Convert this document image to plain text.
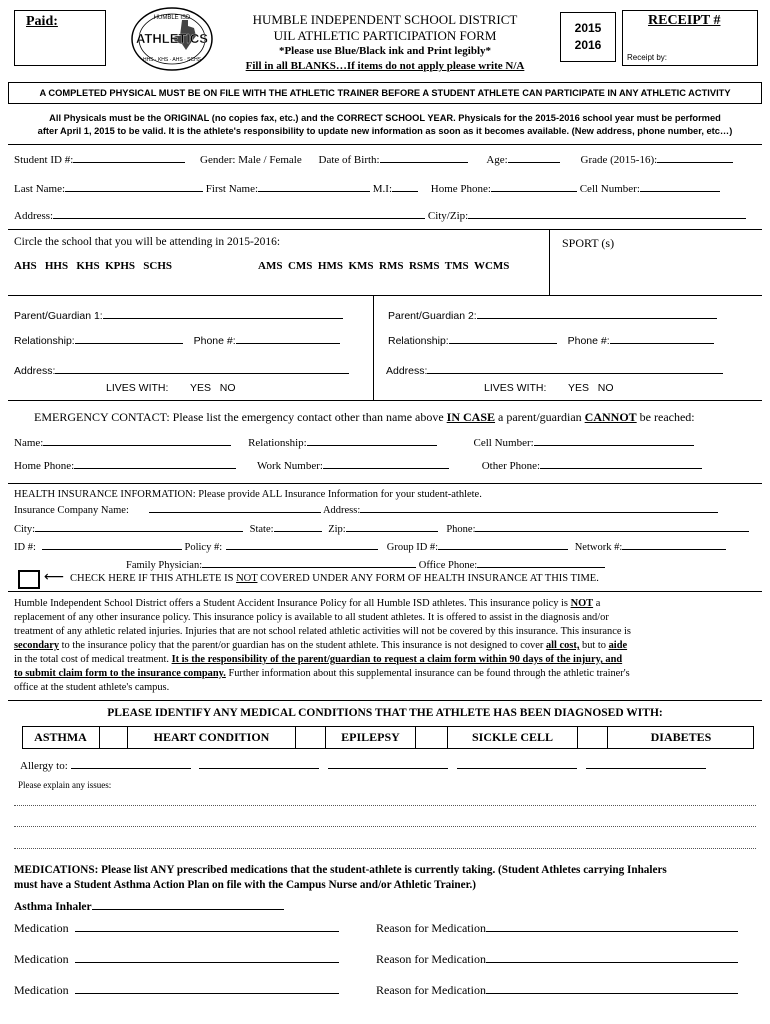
Paid:	HUMBLE ISD
ATHLETICS
HHS · KHS · AHS · SCHS
HUMBLE INDEPENDENT SCHOOL DISTRICT
UIL ATHLETIC PARTICIPATION FORM
*Please use Blue/Black ink and Print legibly*
Fill in all BLANKS…If items do not apply please write N/A
2015
2016
RECEIPT #
Receipt by:
A COMPLETED PHYSICAL MUST BE ON FILE WITH THE ATHLETIC TRAINER BEFORE A STUDENT ATHLETE CAN PARTICIPATE IN ANY ATHLETIC ACTIVITY
All Physicals must be the ORIGINAL (no copies fax, etc.) and the CORRECT SCHOOL YEAR. Physicals for the 2015-2016 school year must be performed
after April 1, 2015 to be valid. It is the athlete's responsibility to update new information as soon as it becomes available. (New address, phone number, etc…)
Student ID #:	Gender: Male / Female Date of Birth:	Age:	Grade (2015-16):
Last Name:	First Name:	M.I:	Home Phone:	Cell Number:
Address:	City/Zip:
Circle the school that you will be attending in 2015-2016:
AHS   HHS   KHS  KPHS   SCHS	AMS  CMS  HMS  KMS  RMS  RSMS  TMS  WCMS
SPORT (s)
Parent/Guardian 1:
Relationship:	Phone #:
Address:
LIVES WITH: YES   NO
Parent/Guardian 2:
Relationship:	Phone #:
Address:
LIVES WITH: YES   NO
EMERGENCY CONTACT: Please list the emergency contact other than name above IN CASE a parent/guardian CANNOT be reached:
Name:	Relationship:	Cell Number:
Home Phone:	Work Number:	Other Phone:
HEALTH INSURANCE INFORMATION: Please provide ALL Insurance Information for your student-athlete.
Insurance Company Name:	Address:
City:	State:	Zip:	Phone:
ID #:	Policy #:	Group ID #:	Network #:
Family Physician:	Office Phone:
⟵ CHECK HERE IF THIS ATHLETE IS NOT COVERED UNDER ANY FORM OF HEALTH INSURANCE AT THIS TIME.
Humble Independent School District offers a Student Accident Insurance Policy for all Humble ISD athletes. This insurance policy is NOT a
replacement of any other insurance policy. This insurance policy is available to all student athletes. It is offered to assist in the diagnosis and/or
treatment of any athletic related injuries. Injuries that are not school related athletic activities will not be covered by this insurance. This insurance is
secondary to the insurance policy that the parent/or guardian has on the student athlete. This insurance is not designed to cover all cost, but to aide
in the total cost of medical treatment. It is the responsibility of the parent/guardian to request a claim form within 90 days of the injury, and
to submit claim form to the insurance company. Further information about this supplemental insurance can be found through the athletic trainer's
office at the student athlete's campus.
PLEASE IDENTIFY ANY MEDICAL CONDITIONS THAT THE ATHLETE HAS BEEN DIAGNOSED WITH:
ASTHMA	HEART CONDITION	EPILEPSY	SICKLE CELL	DIABETES
Allergy to:
Please explain any issues:
MEDICATIONS: Please list ANY prescribed medications that the student-athlete is currently taking. (Student Athletes carrying Inhalers
must have a Student Asthma Action Plan on file with the Campus Nurse and/or Athletic Trainer.)
Asthma Inhaler
Medication	Reason for Medication
Medication	Reason for Medication
Medication	Reason for Medication
